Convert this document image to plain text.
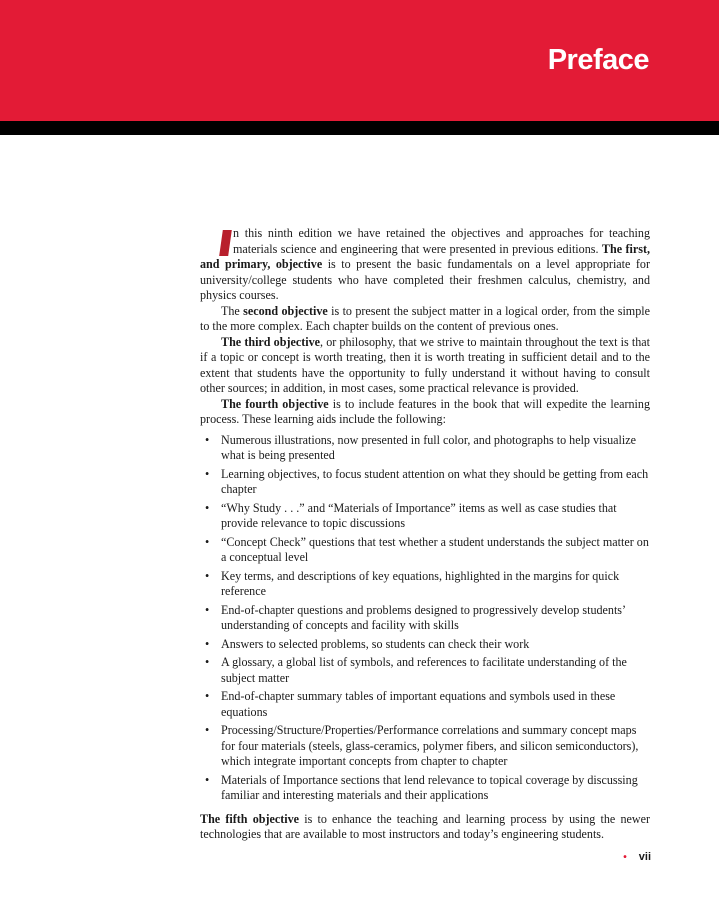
Preface

n this ninth edition we have retained the objectives and approaches for teaching materials science and engineering that were presented in previous editions. The first, and primary, objective is to present the basic fundamentals on a level appropriate for university/college students who have completed their freshmen calculus, chemistry, and physics courses.

The second objective is to present the subject matter in a logical order, from the simple to the more complex. Each chapter builds on the content of previous ones.

The third objective, or philosophy, that we strive to maintain throughout the text is that if a topic or concept is worth treating, then it is worth treating in sufficient detail and to the extent that students have the opportunity to fully understand it without having to consult other sources; in addition, in most cases, some practical relevance is provided.

The fourth objective is to include features in the book that will expedite the learning process. These learning aids include the following:

• Numerous illustrations, now presented in full color, and photographs to help visualize what is being presented
• Learning objectives, to focus student attention on what they should be getting from each chapter
• “Why Study . . .” and “Materials of Importance” items as well as case studies that provide relevance to topic discussions
• “Concept Check” questions that test whether a student understands the subject matter on a conceptual level
• Key terms, and descriptions of key equations, highlighted in the margins for quick reference
• End-of-chapter questions and problems designed to progressively develop students’ understanding of concepts and facility with skills
• Answers to selected problems, so students can check their work
• A glossary, a global list of symbols, and references to facilitate understanding of the subject matter
• End-of-chapter summary tables of important equations and symbols used in these equations
• Processing/Structure/Properties/Performance correlations and summary concept maps for four materials (steels, glass-ceramics, polymer fibers, and silicon semiconductors), which integrate important concepts from chapter to chapter
• Materials of Importance sections that lend relevance to topical coverage by discussing familiar and interesting materials and their applications

The fifth objective is to enhance the teaching and learning process by using the newer technologies that are available to most instructors and today’s engineering students.

• vii
